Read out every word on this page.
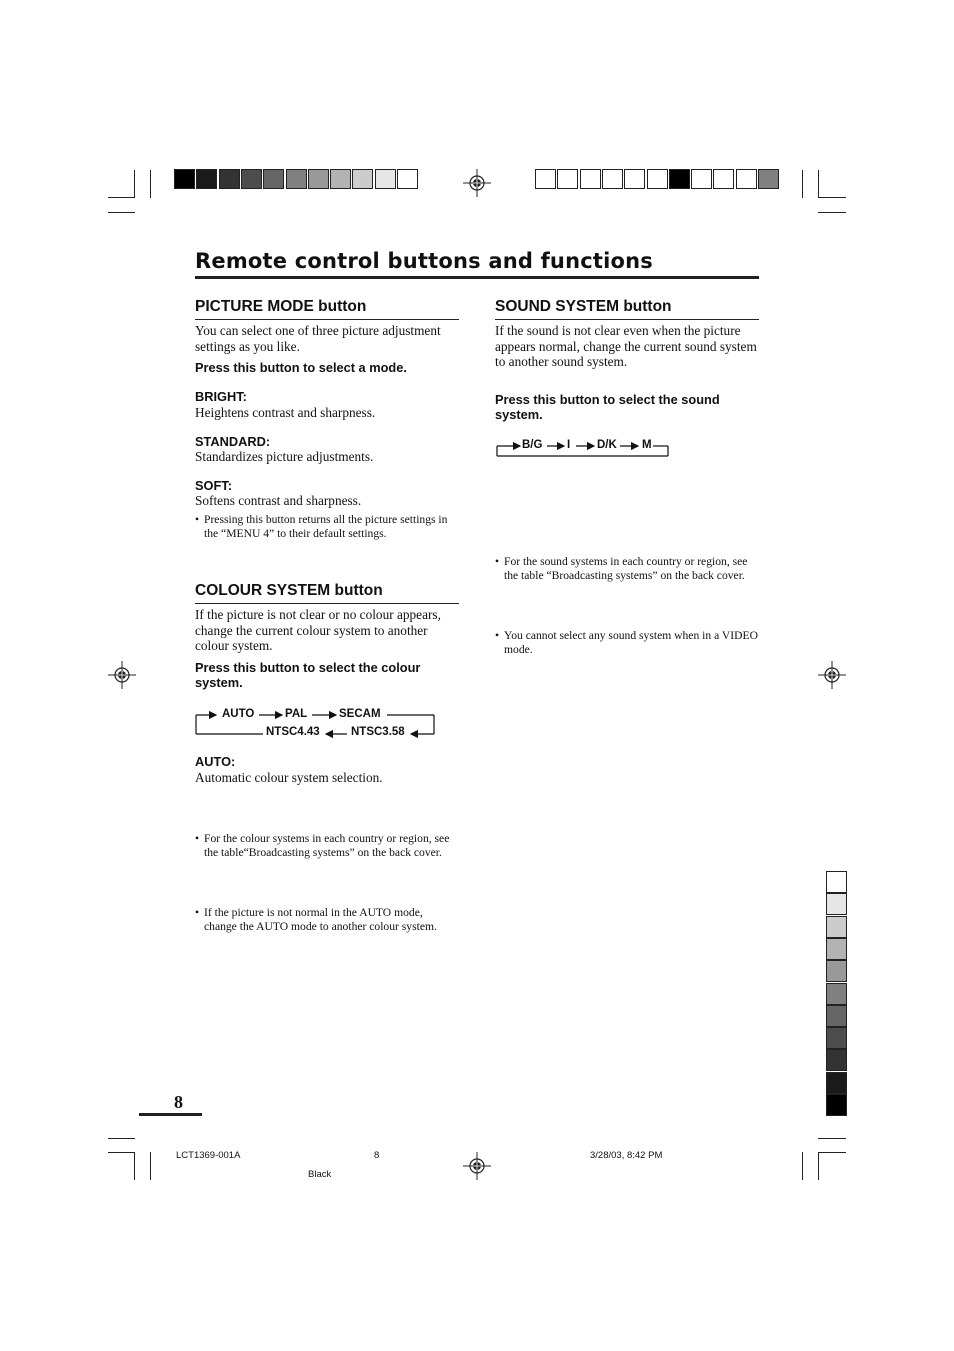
Remote control buttons and functions
PICTURE MODE button
You can select one of three picture adjustment settings as you like.
Press this button to select a mode.
BRIGHT:
Heightens contrast and sharpness.
STANDARD:
Standardizes picture adjustments.
SOFT:
Softens contrast and sharpness.
• Pressing this button returns all the picture settings in the “MENU 4” to their default settings.
COLOUR SYSTEM button
If the picture is not clear or no colour appears, change the current colour system to another colour system.
Press this button to select the colour system.
AUTO	PAL	SECAM
NTSC4.43	NTSC3.58
AUTO:
Automatic colour system selection.
• For the colour systems in each country or region, see the table“Broadcasting systems” on the back cover.
• If the picture is not normal in the AUTO mode, change the AUTO mode to another colour system.
SOUND SYSTEM button
If the sound is not clear even when the picture appears normal, change the current sound system to another sound system.
Press this button to select the sound system.
B/G I D/K M
• For the sound systems in each country or region, see the table “Broadcasting systems” on the back cover.
• You cannot select any sound system when in a VIDEO mode.
8
LCT1369-001A	8	3/28/03, 8:42 PM
Black
